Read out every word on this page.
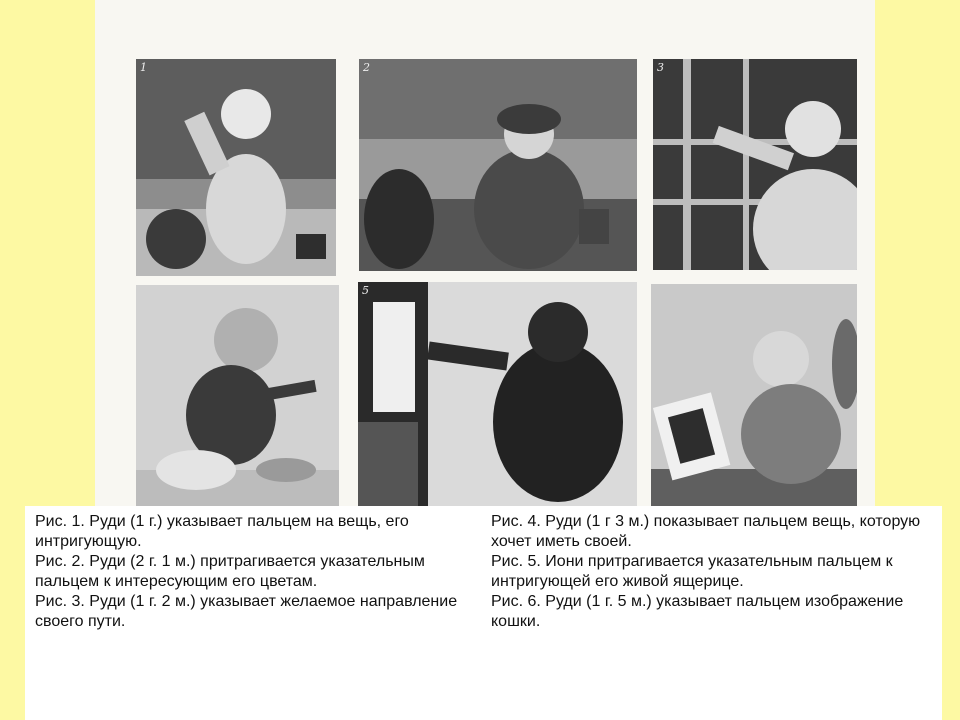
1	2	3
5

Рис. 1. Руди (1 г.) указывает пальцем на вещь, его интригующую.

Рис. 2. Руди (2 г. 1 м.) притрагивается указательным пальцем к интересующим его цветам.

Рис. 3. Руди (1 г. 2 м.) указывает желаемое направление своего пути.

Рис. 4. Руди (1 г 3 м.) показывает пальцем вещь, которую хочет иметь своей.

Рис. 5. Иони притрагивается указательным пальцем к интригующей его живой ящерице.

Рис. 6. Руди (1 г. 5 м.) указывает пальцем изображение кошки.
